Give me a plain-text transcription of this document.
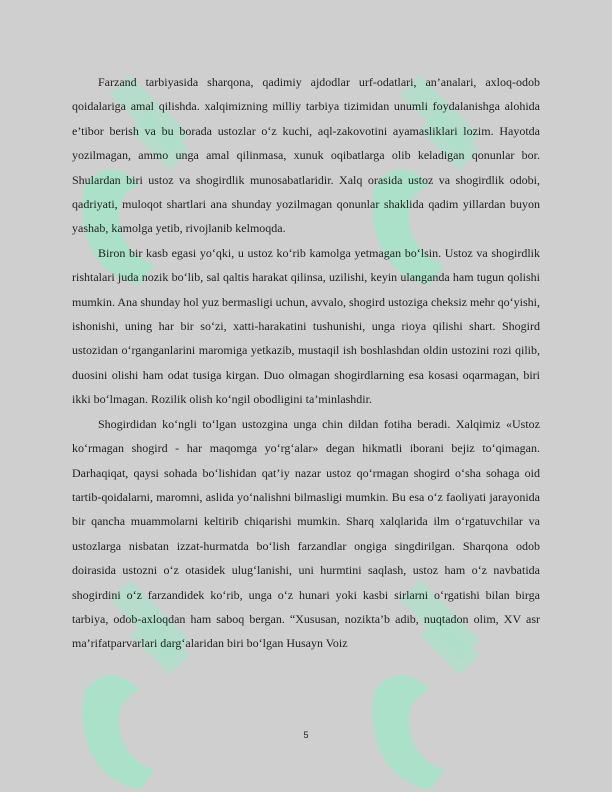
Farzand tarbiyasida sharqona, qadimiy ajdodlar urf-odatlari, an’analari, axloq-odob qoidalariga amal qilishda. xalqimizning milliy tarbiya tizimidan unumli foydalanishga alohida e’tibor berish va bu borada ustozlar o‘z kuchi, aql-zakovotini ayamasliklari lozim. Hayotda yozilmagan, ammo unga amal qilinmasa, xunuk oqibatlarga olib keladigan qonunlar bor. Shulardan biri ustoz va shogirdlik munosabatlaridir. Xalq orasida ustoz va shogirdlik odobi, qadriyati, muloqot shartlari ana shunday yozilmagan qonunlar shaklida qadim yillardan buyon yashab, kamolga yetib, rivojlanib kelmoqda.

Biron bir kasb egasi yo‘qki, u ustoz ko‘rib kamolga yetmagan bo‘lsin. Ustoz va shogirdlik rishtalari juda nozik bo‘lib, sal qaltis harakat qilinsa, uzilishi, keyin ulanganda ham tugun qolishi mumkin. Ana shunday hol yuz bermasligi uchun, avvalo, shogird ustoziga cheksiz mehr qo‘yishi, ishonishi, uning har bir so‘zi, xatti-harakatini tushunishi, unga rioya qilishi shart. Shogird ustozidan o‘rganganlarini maromiga yetkazib, mustaqil ish boshlashdan oldin ustozini rozi qilib, duosini olishi ham odat tusiga kirgan. Duo olmagan shogirdlarning esa kosasi oqarmagan, biri ikki bo‘lmagan. Rozilik olish ko‘ngil obodligini ta’minlashdir.

Shogirdidan ko‘ngli to‘lgan ustozgina unga chin dildan fotiha beradi. Xalqimiz «Ustoz ko‘rmagan shogird - har maqomga yo‘rg‘alar» degan hikmatli iborani bejiz to‘qimagan. Darhaqiqat, qaysi sohada bo‘lishidan qat’iy nazar ustoz qo‘rmagan shogird o‘sha sohaga oid tartib-qoidalarni, maromni, aslida yo‘nalishni bilmasligi mumkin. Bu esa o‘z faoliyati jarayonida bir qancha muammolarni keltirib chiqarishi mumkin. Sharq xalqlarida ilm o‘rgatuvchilar va ustozlarga nisbatan izzat-hurmatda bo‘lish farzandlar ongiga singdirilgan. Sharqona odob doirasida ustozni o‘z otasidek ulug‘lanishi, uni hurmtini saqlash, ustoz ham o‘z navbatida shogirdini o‘z farzandidek ko‘rib, unga o‘z hunari yoki kasbi sirlarni o‘rgatishi bilan birga tarbiya, odob-axloqdan ham saboq bergan. “Xususan, nozikta’b adib, nuqtadon olim, XV asr ma’rifatparvarlari darg‘alaridan biri bo‘lgan Husayn Voiz

5
